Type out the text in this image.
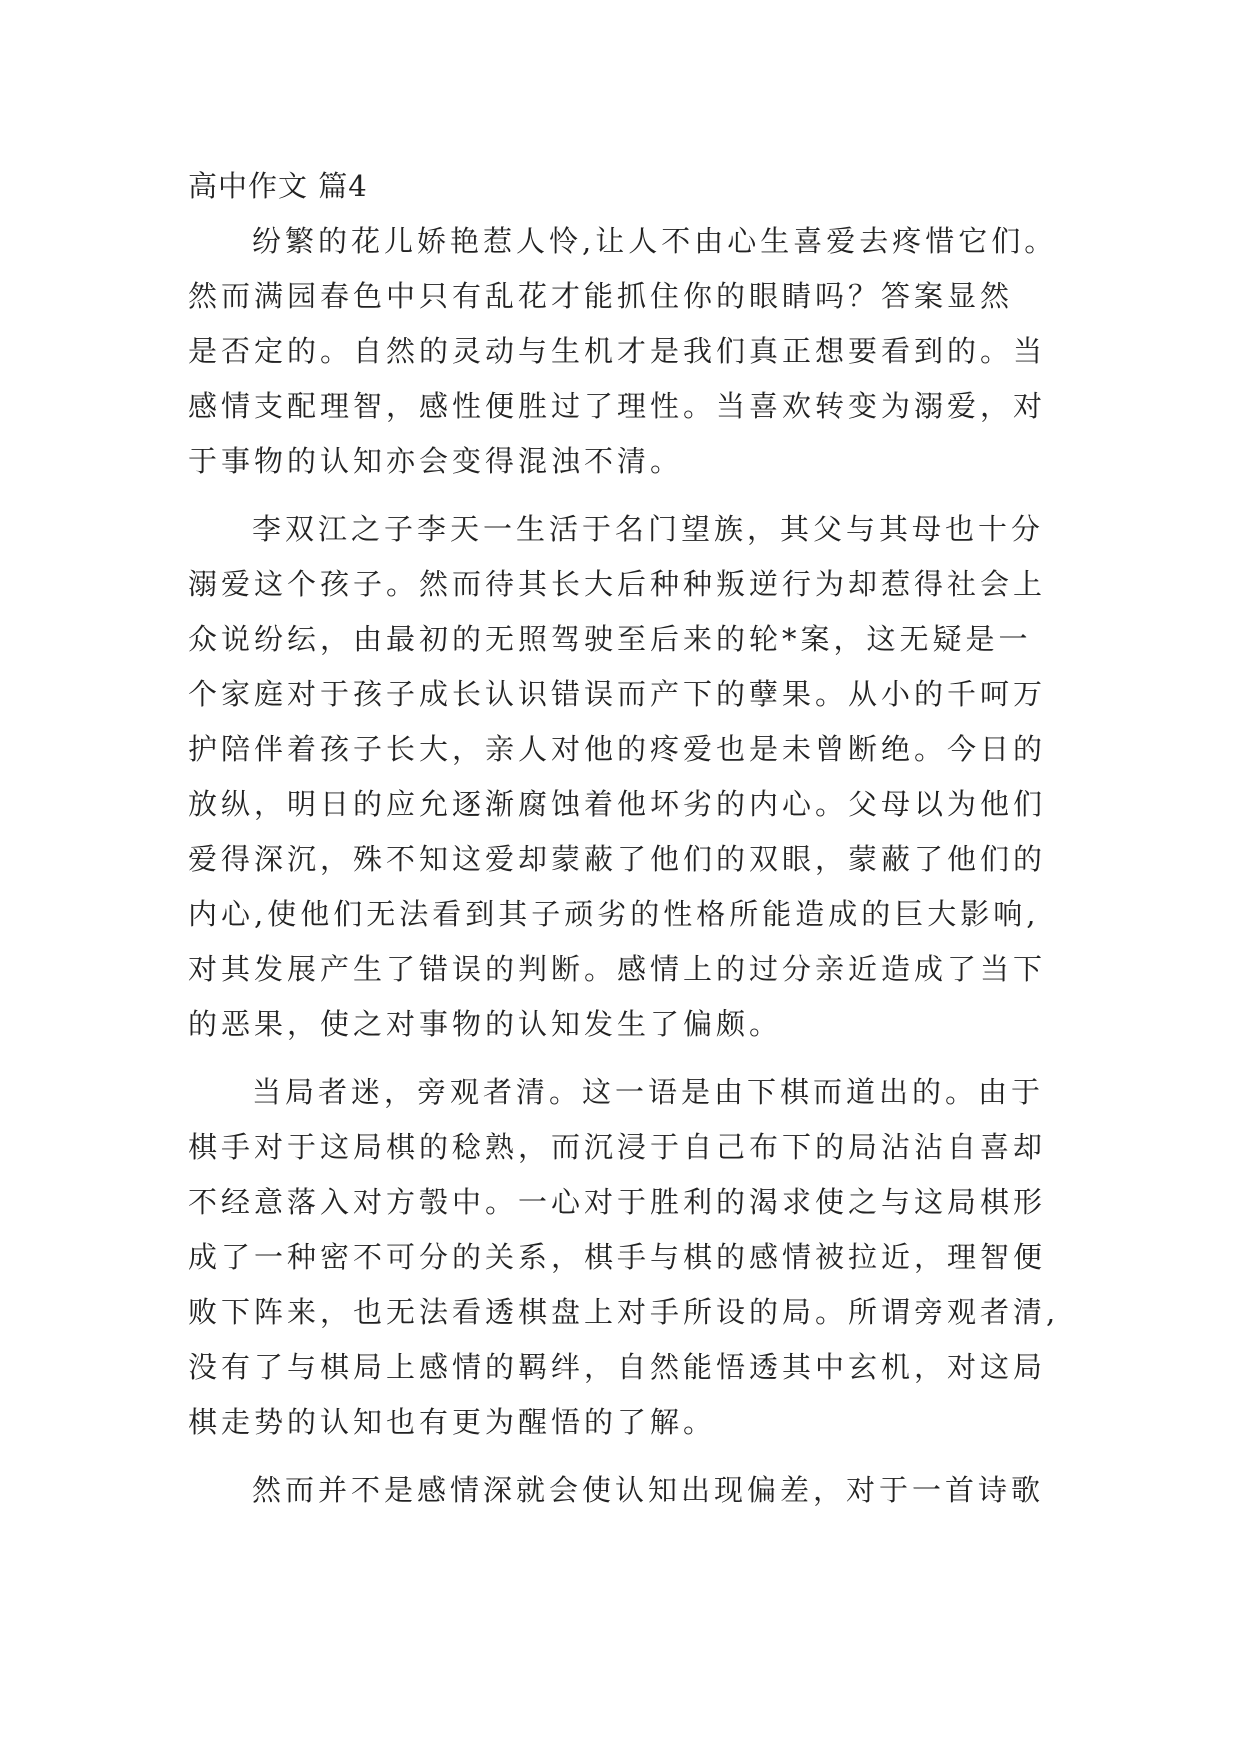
高中作文 篇4
纷繁的花儿娇艳惹人怜,让人不由心生喜爱去疼惜它们。
然而满园春色中只有乱花才能抓住你的眼睛吗？答案显然
是否定的。自然的灵动与生机才是我们真正想要看到的。当
感情支配理智，感性便胜过了理性。当喜欢转变为溺爱，对
于事物的认知亦会变得混浊不清。
李双江之子李天一生活于名门望族，其父与其母也十分
溺爱这个孩子。然而待其长大后种种叛逆行为却惹得社会上
众说纷纭，由最初的无照驾驶至后来的轮*案，这无疑是一
个家庭对于孩子成长认识错误而产下的孽果。从小的千呵万
护陪伴着孩子长大，亲人对他的疼爱也是未曾断绝。今日的
放纵，明日的应允逐渐腐蚀着他坏劣的内心。父母以为他们
爱得深沉，殊不知这爱却蒙蔽了他们的双眼，蒙蔽了他们的
内心,使他们无法看到其子顽劣的性格所能造成的巨大影响,
对其发展产生了错误的判断。感情上的过分亲近造成了当下
的恶果，使之对事物的认知发生了偏颇。
当局者迷，旁观者清。这一语是由下棋而道出的。由于
棋手对于这局棋的稔熟，而沉浸于自己布下的局沾沾自喜却
不经意落入对方彀中。一心对于胜利的渴求使之与这局棋形
成了一种密不可分的关系，棋手与棋的感情被拉近，理智便
败下阵来，也无法看透棋盘上对手所设的局。所谓旁观者清,
没有了与棋局上感情的羁绊，自然能悟透其中玄机，对这局
棋走势的认知也有更为醒悟的了解。
然而并不是感情深就会使认知出现偏差，对于一首诗歌
